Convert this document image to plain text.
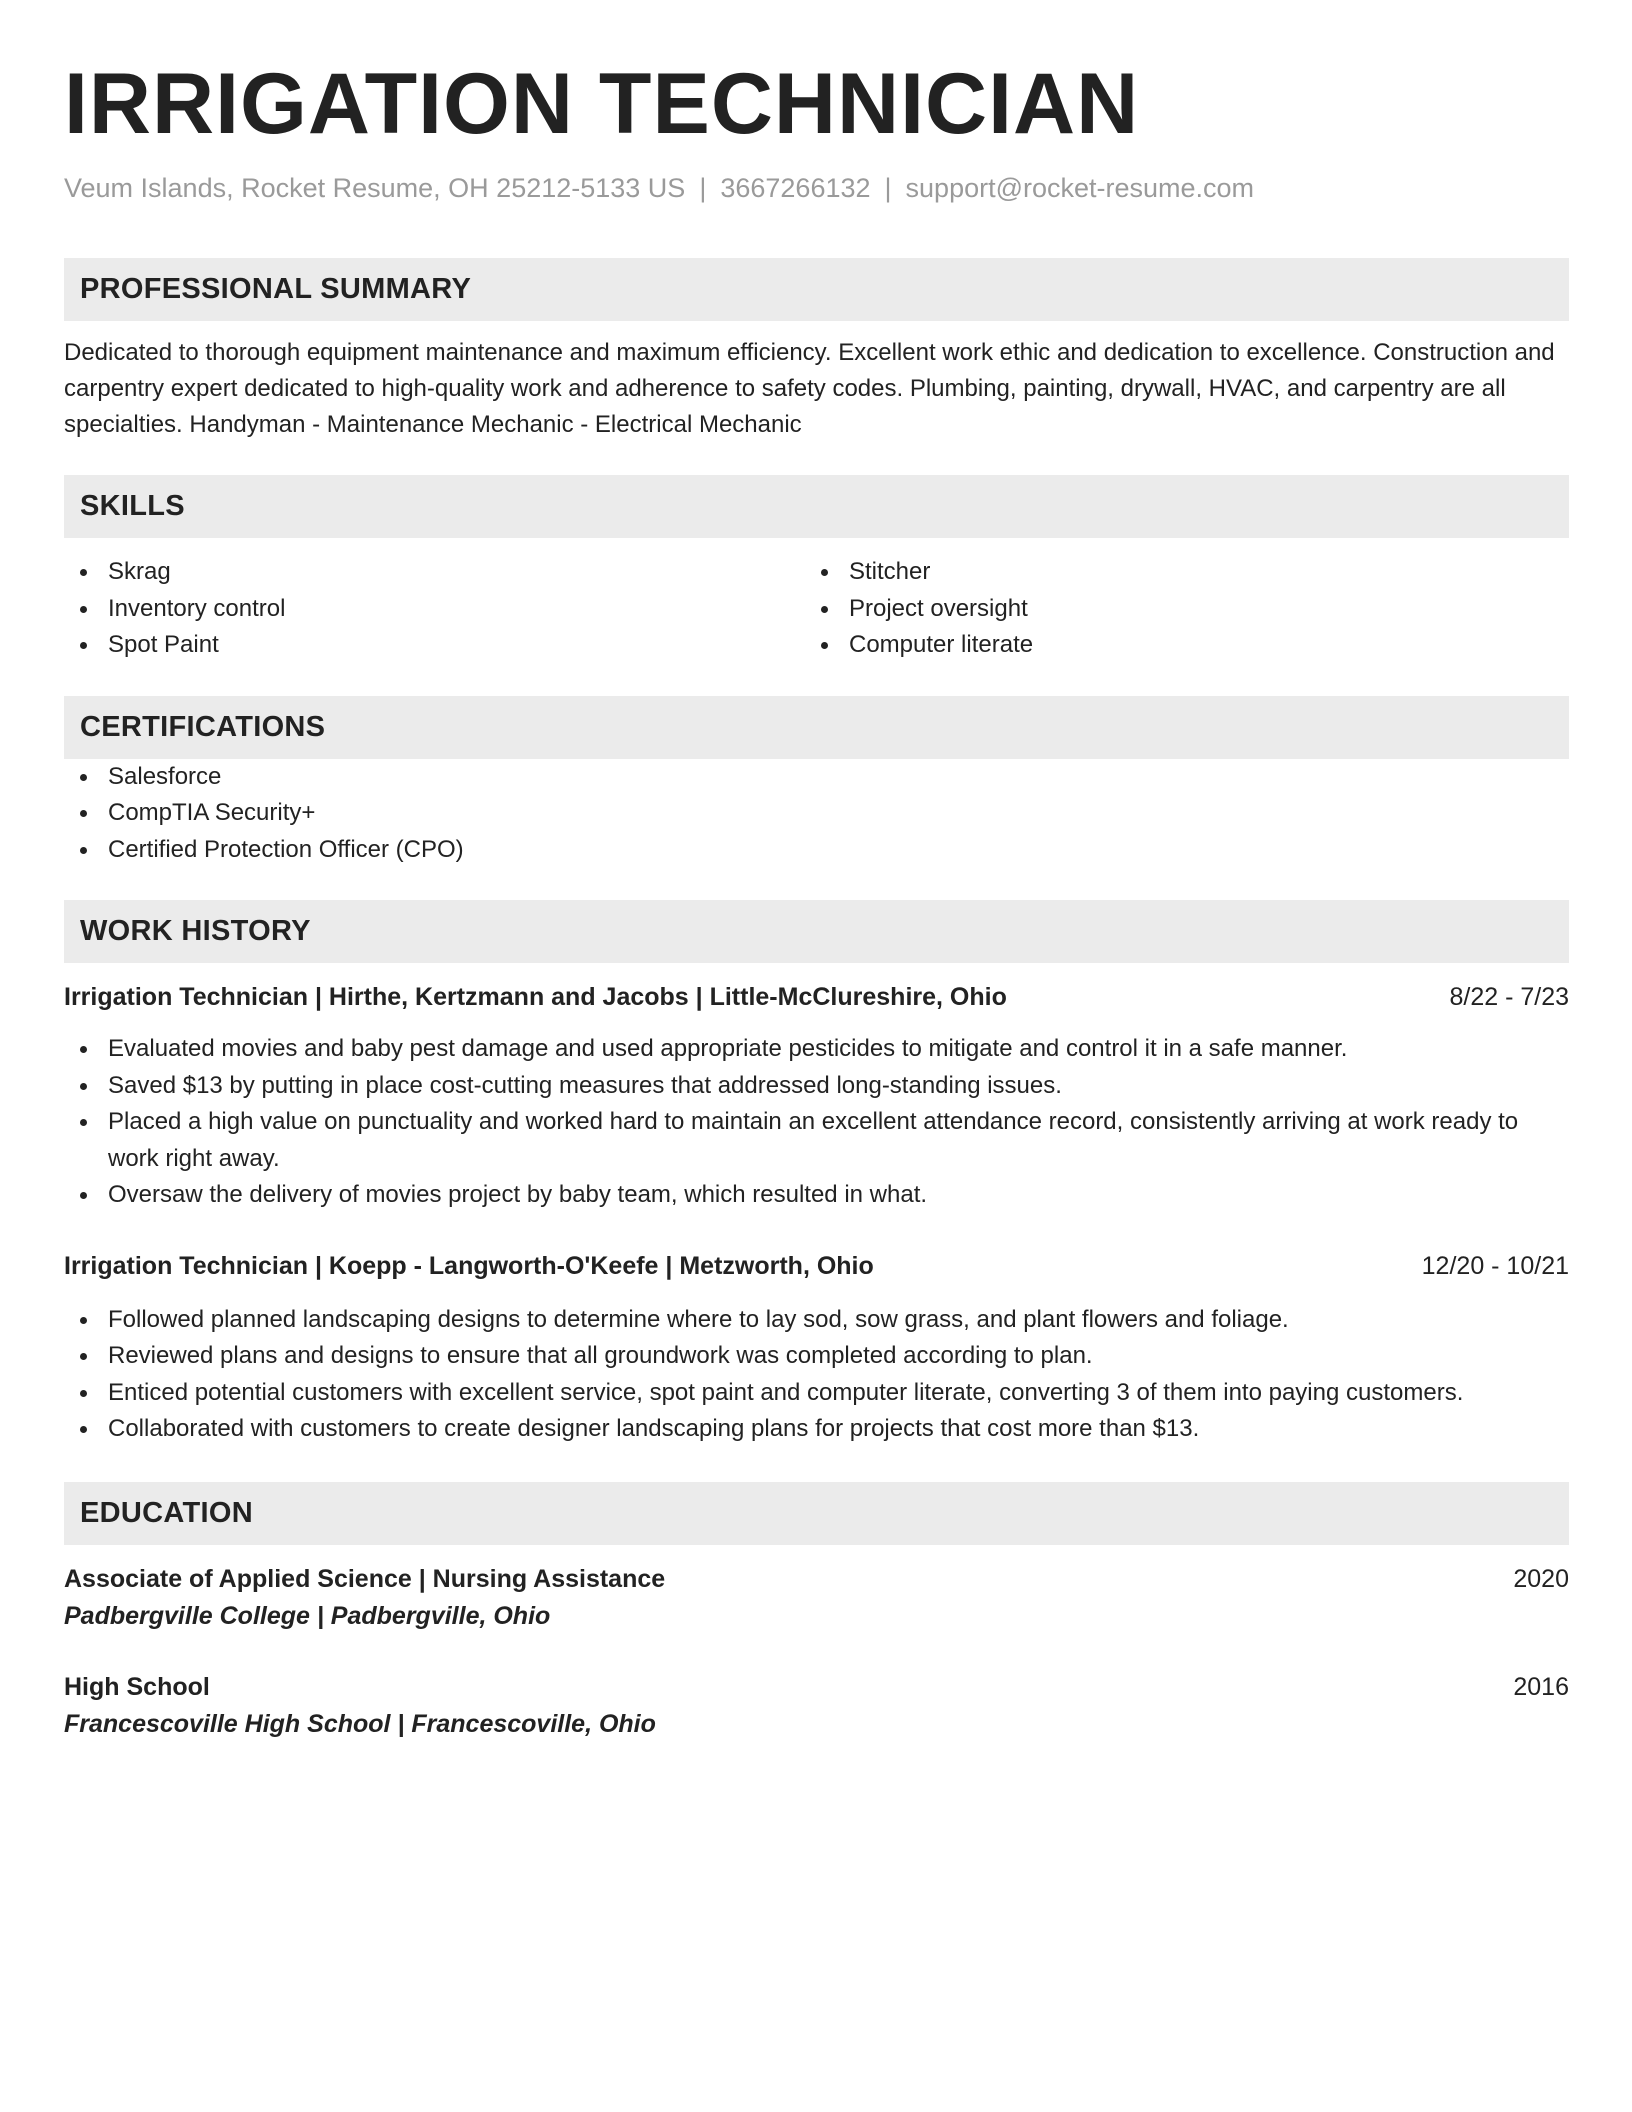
IRRIGATION TECHNICIAN
Veum Islands, Rocket Resume, OH 25212-5133 US | 3667266132 | support@rocket-resume.com
PROFESSIONAL SUMMARY
Dedicated to thorough equipment maintenance and maximum efficiency. Excellent work ethic and dedication to excellence. Construction and carpentry expert dedicated to high-quality work and adherence to safety codes. Plumbing, painting, drywall, HVAC, and carpentry are all specialties. Handyman - Maintenance Mechanic - Electrical Mechanic
SKILLS
Skrag
Inventory control
Spot Paint
Stitcher
Project oversight
Computer literate
CERTIFICATIONS
Salesforce
CompTIA Security+
Certified Protection Officer (CPO)
WORK HISTORY
Irrigation Technician | Hirthe, Kertzmann and Jacobs | Little-McClureshire, Ohio	8/22 - 7/23
Evaluated movies and baby pest damage and used appropriate pesticides to mitigate and control it in a safe manner.
Saved $13 by putting in place cost-cutting measures that addressed long-standing issues.
Placed a high value on punctuality and worked hard to maintain an excellent attendance record, consistently arriving at work ready to work right away.
Oversaw the delivery of movies project by baby team, which resulted in what.
Irrigation Technician | Koepp - Langworth-O'Keefe | Metzworth, Ohio	12/20 - 10/21
Followed planned landscaping designs to determine where to lay sod, sow grass, and plant flowers and foliage.
Reviewed plans and designs to ensure that all groundwork was completed according to plan.
Enticed potential customers with excellent service, spot paint and computer literate, converting 3 of them into paying customers.
Collaborated with customers to create designer landscaping plans for projects that cost more than $13.
EDUCATION
Associate of Applied Science | Nursing Assistance	2020
Padbergville College | Padbergville, Ohio
High School	2016
Francescoville High School | Francescoville, Ohio
